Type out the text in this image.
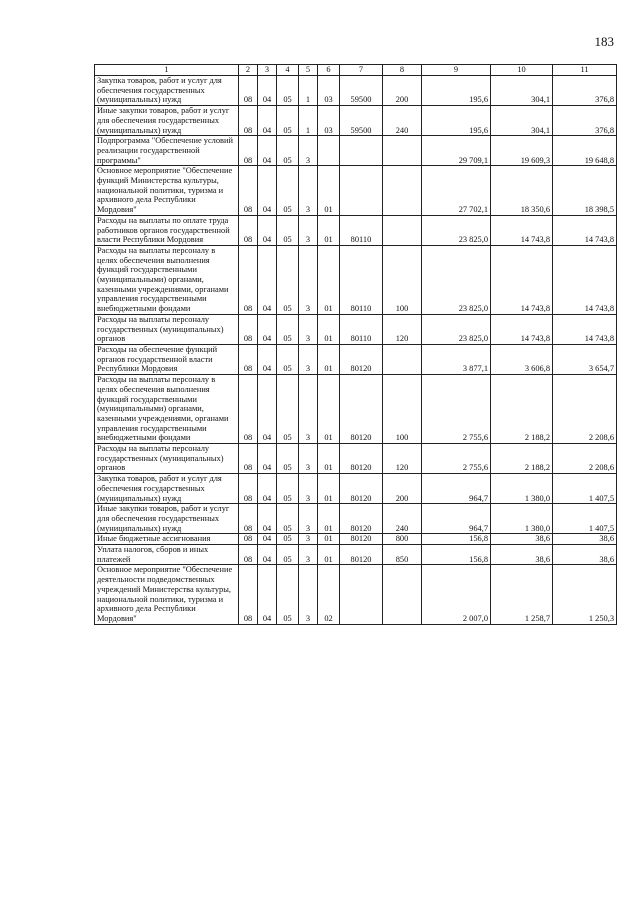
183
1	2	3	4	5	6	7	8	9	10	11
Закупка товаров, работ и услуг для обеспечения государственных (муниципальных) нужд	08	04	05	1	03	59500	200	195,6	304,1	376,8
Иные закупки товаров, работ и услуг для обеспечения государственных (муниципальных) нужд	08	04	05	1	03	59500	240	195,6	304,1	376,8
Подпрограмма "Обеспечение условий реализации государственной программы"	08	04	05	3				29 709,1	19 609,3	19 648,8
Основное мероприятие "Обеспечение функций Министерства культуры, национальной политики, туризма и архивного дела Республики Мордовия"	08	04	05	3	01			27 702,1	18 350,6	18 398,5
Расходы на выплаты по оплате труда работников органов государственной власти Республики Мордовия	08	04	05	3	01	80110		23 825,0	14 743,8	14 743,8
Расходы на выплаты персоналу в целях обеспечения выполнения функций государственными (муниципальными) органами, казенными учреждениями, органами управления государственными внебюджетными фондами	08	04	05	3	01	80110	100	23 825,0	14 743,8	14 743,8
Расходы на выплаты персоналу государственных (муниципальных) органов	08	04	05	3	01	80110	120	23 825,0	14 743,8	14 743,8
Расходы на обеспечение функций органов государственной власти Республики Мордовия	08	04	05	3	01	80120		3 877,1	3 606,8	3 654,7
Расходы на выплаты персоналу в целях обеспечения выполнения функций государственными (муниципальными) органами, казенными учреждениями, органами управления государственными внебюджетными фондами	08	04	05	3	01	80120	100	2 755,6	2 188,2	2 208,6
Расходы на выплаты персоналу государственных (муниципальных) органов	08	04	05	3	01	80120	120	2 755,6	2 188,2	2 208,6
Закупка товаров, работ и услуг для обеспечения государственных (муниципальных) нужд	08	04	05	3	01	80120	200	964,7	1 380,0	1 407,5
Иные закупки товаров, работ и услуг для обеспечения государственных (муниципальных) нужд	08	04	05	3	01	80120	240	964,7	1 380,0	1 407,5
Иные бюджетные ассигнования	08	04	05	3	01	80120	800	156,8	38,6	38,6
Уплата налогов, сборов и иных платежей	08	04	05	3	01	80120	850	156,8	38,6	38,6
Основное мероприятие "Обеспечение деятельности подведомственных учреждений Министерства культуры, национальной политики, туризма и архивного дела Республики Мордовия"	08	04	05	3	02			2 007,0	1 258,7	1 250,3
